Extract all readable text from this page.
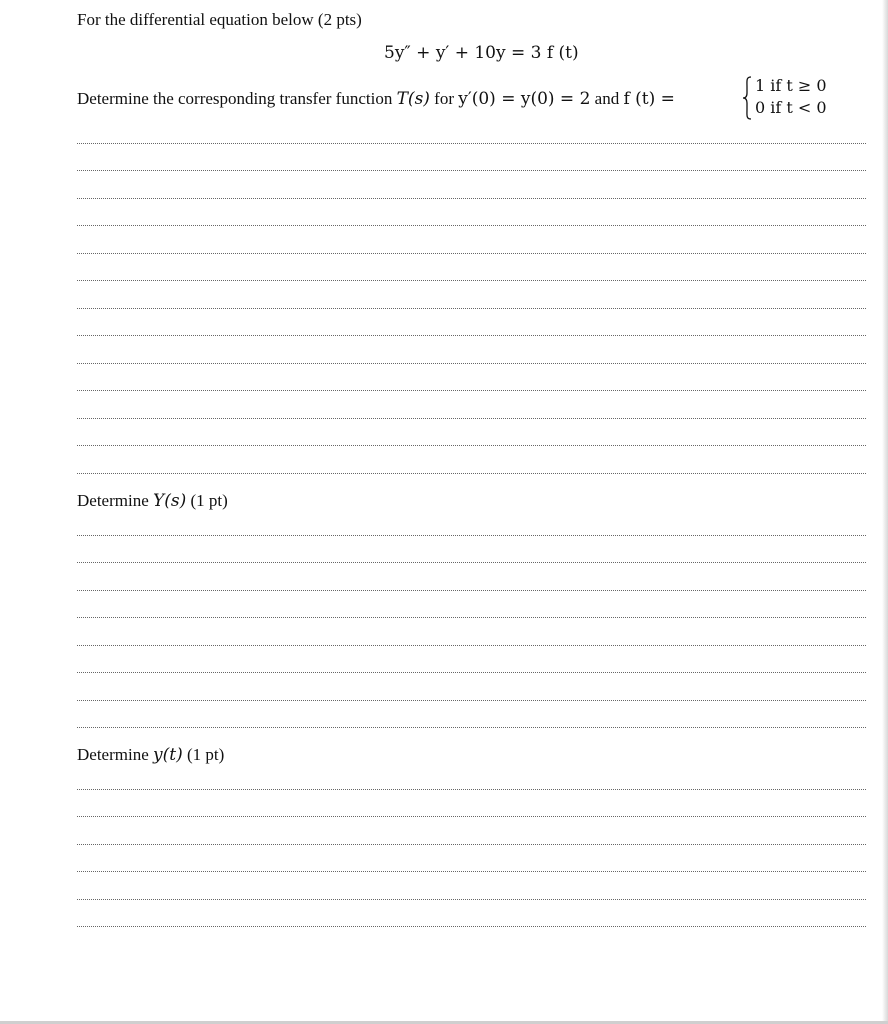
For the differential equation below (2 pts)
5y″ + y′ + 10y = 3 f (t)
Determine the corresponding transfer function T(s) for y′(0) = y(0) = 2 and f (t) =
1 if t ≥ 0
0 if t < 0
Determine Y(s) (1 pt)
Determine y(t) (1 pt)
